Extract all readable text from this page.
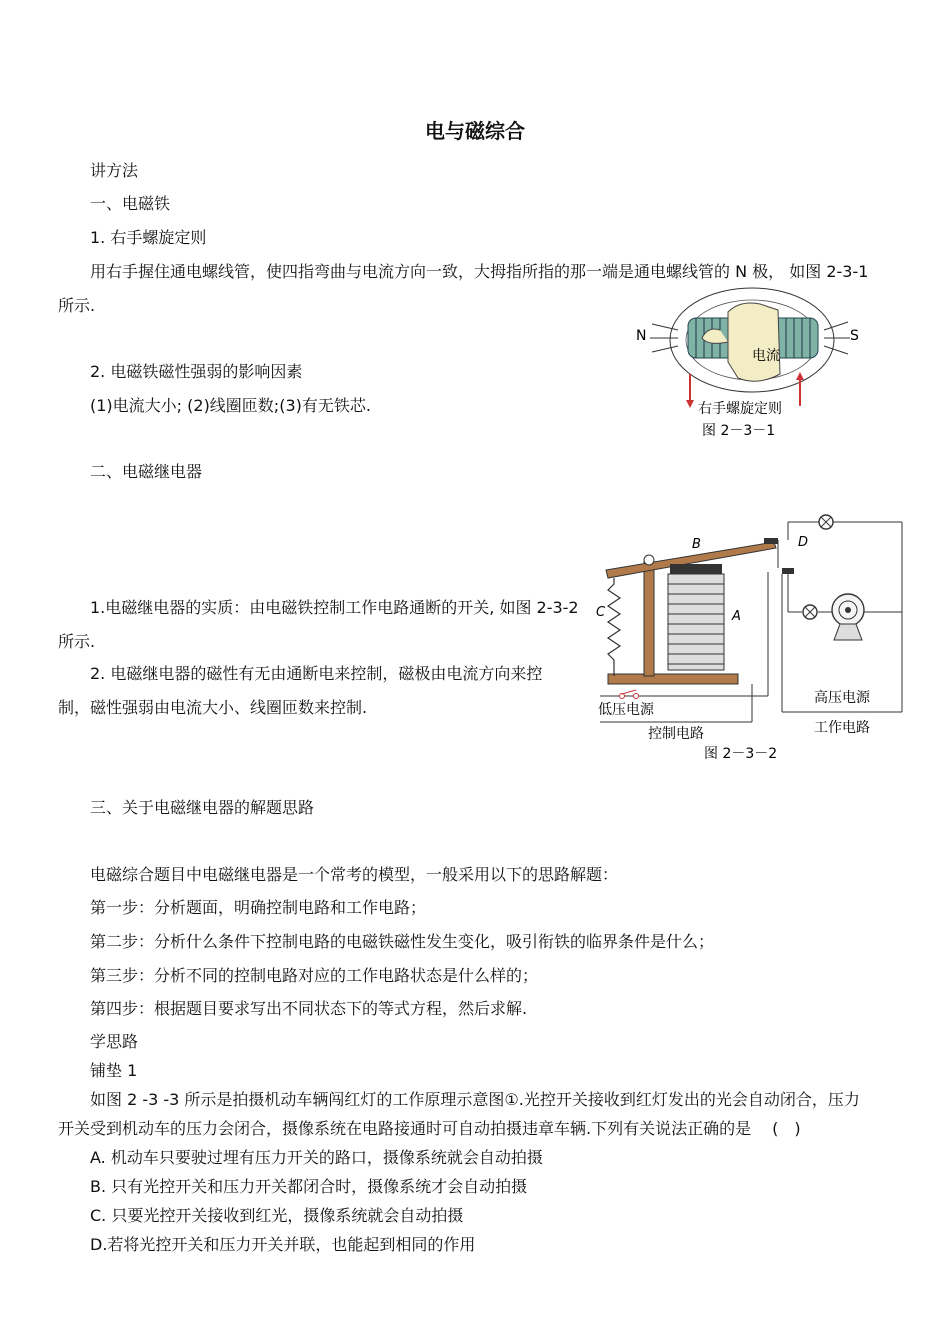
电与磁综合
讲方法
一、电磁铁
1. 右手螺旋定则
用右手握住通电螺线管，使四指弯曲与电流方向一致，大拇指所指的那一端是通电螺线管的 N 极， 如图 2-3-1
所示.
2. 电磁铁磁性强弱的影响因素
(1)电流大小; (2)线圈匝数;(3)有无铁芯.
N	S
电流
右手螺旋定则
图 2－3－1
二、电磁继电器
1.电磁继电器的实质：由电磁铁控制工作电路通断的开关, 如图 2-3-2
所示.
2. 电磁继电器的磁性有无由通断电来控制，磁极由电流方向来控
制，磁性强弱由电流大小、线圈匝数来控制.
B	D
A
C
低压电源
控制电路
高压电源
工作电路
图 2－3－2
三、关于电磁继电器的解题思路
电磁综合题目中电磁继电器是一个常考的模型，一般采用以下的思路解题：
第一步：分析题面，明确控制电路和工作电路；
第二步：分析什么条件下控制电路的电磁铁磁性发生变化，吸引衔铁的临界条件是什么；
第三步：分析不同的控制电路对应的工作电路状态是什么样的；
第四步：根据题目要求写出不同状态下的等式方程，然后求解.
学思路
铺垫 1
如图 2 -3 -3 所示是拍摄机动车辆闯红灯的工作原理示意图①.光控开关接收到红灯发出的光会自动闭合，压力
开关受到机动车的压力会闭合，摄像系统在电路接通时可自动拍摄违章车辆.下列有关说法正确的是　 (　)
A. 机动车只要驶过埋有压力开关的路口，摄像系统就会自动拍摄
B. 只有光控开关和压力开关都闭合时，摄像系统才会自动拍摄
C. 只要光控开关接收到红光，摄像系统就会自动拍摄
D.若将光控开关和压力开关并联，也能起到相同的作用
